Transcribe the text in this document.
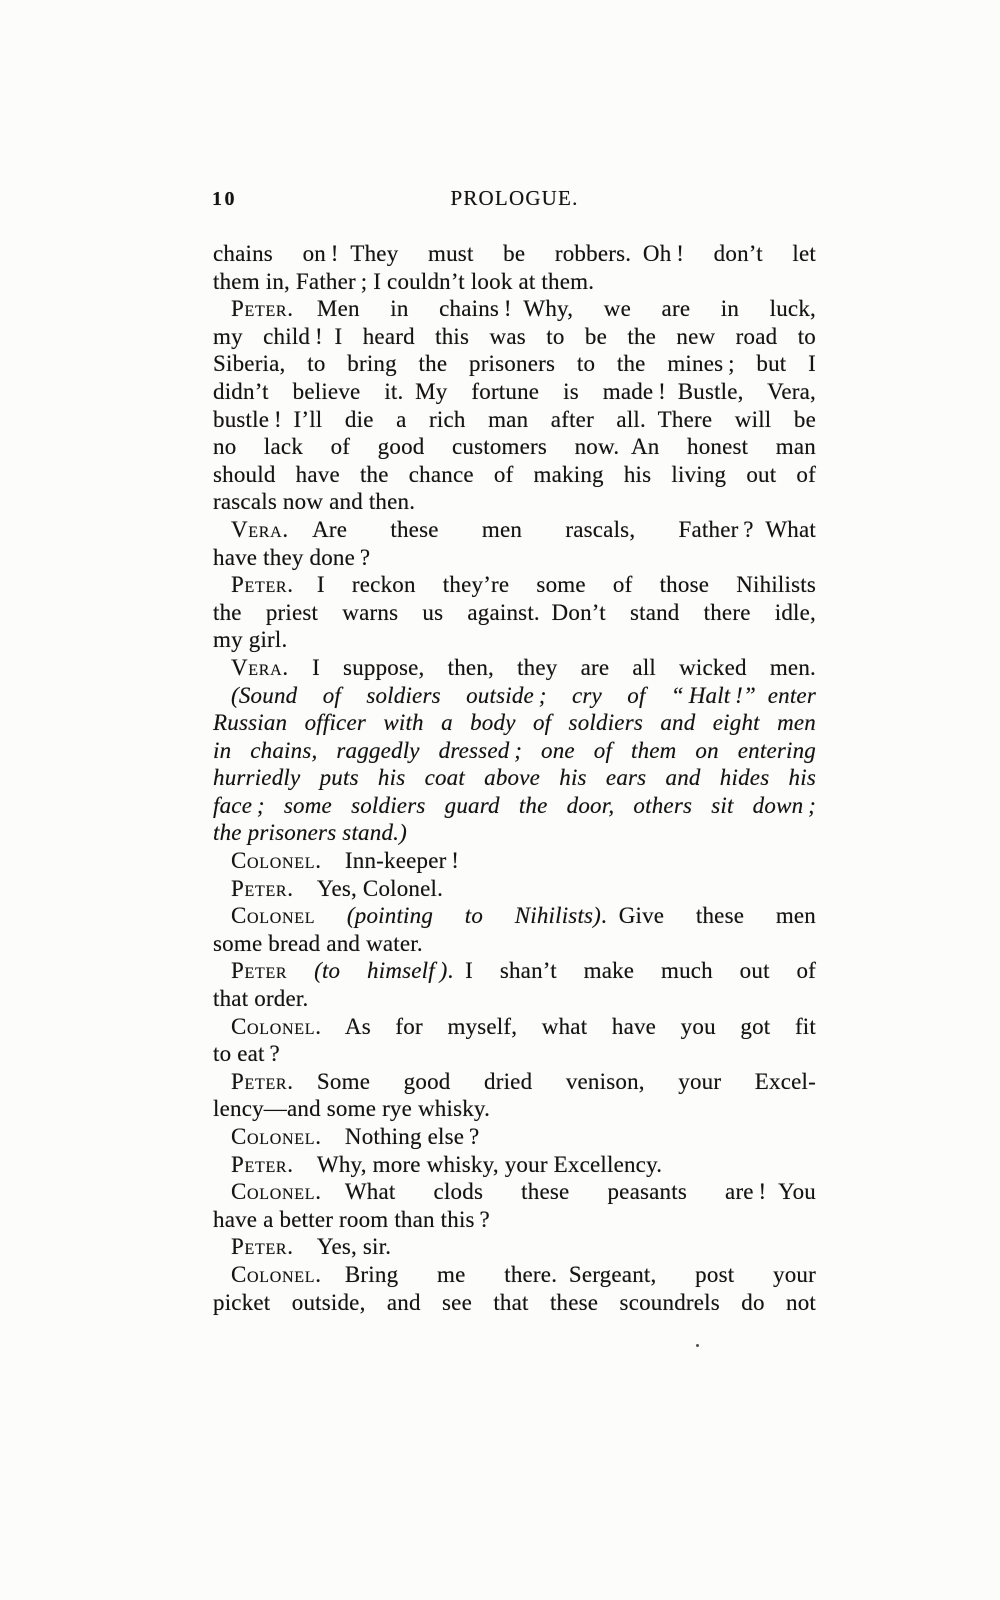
10	PROLOGUE.
chains on ! They must be robbers. Oh ! don’t let
them in, Father ; I couldn’t look at them.
Peter. Men in chains ! Why, we are in luck,
my child ! I heard this was to be the new road to
Siberia, to bring the prisoners to the mines ; but I
didn’t believe it. My fortune is made ! Bustle, Vera,
bustle ! I’ll die a rich man after all. There will be
no lack of good customers now. An honest man
should have the chance of making his living out of
rascals now and then.
Vera. Are these men rascals, Father ? What
have they done ?
Peter. I reckon they’re some of those Nihilists
the priest warns us against. Don’t stand there idle,
my girl.
Vera. I suppose, then, they are all wicked men.
(Sound of soldiers outside ; cry of “ Halt !” enter
Russian officer with a body of soldiers and eight men
in chains, raggedly dressed ; one of them on entering
hurriedly puts his coat above his ears and hides his
face ; some soldiers guard the door, others sit down ;
the prisoners stand.)
Colonel. Inn-keeper !
Peter. Yes, Colonel.
Colonel (pointing to Nihilists). Give these men
some bread and water.
Peter (to himself ). I shan’t make much out of
that order.
Colonel. As for myself, what have you got fit
to eat ?
Peter. Some good dried venison, your Excel-
lency—and some rye whisky.
Colonel. Nothing else ?
Peter. Why, more whisky, your Excellency.
Colonel. What clods these peasants are ! You
have a better room than this ?
Peter. Yes, sir.
Colonel. Bring me there. Sergeant, post your
picket outside, and see that these scoundrels do not
